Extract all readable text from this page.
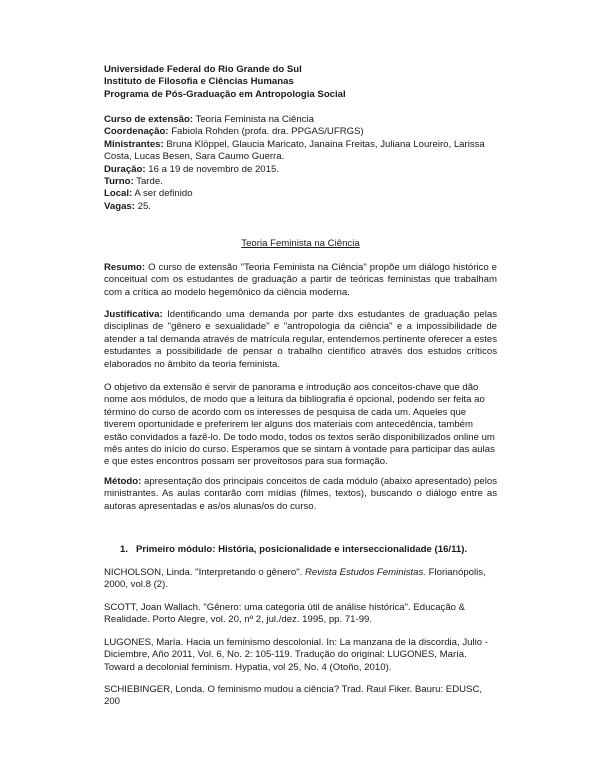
Universidade Federal do Rio Grande do Sul

Instituto de Filosofia e Ciências Humanas

Programa de Pós-Graduação em Antropologia Social

Curso de extensão: Teoria Feminista na Ciência

Coordenação: Fabiola Rohden (profa. dra. PPGAS/UFRGS)

Ministrantes: Bruna Klöppel, Glaucia Maricato, Janaina Freitas, Juliana Loureiro, Larissa Costa, Lucas Besen, Sara Caumo Guerra.

Duração: 16 a 19 de novembro de 2015.

Turno: Tarde.

Local: A ser definido

Vagas: 25.

Teoria Feminista na Ciência
Resumo: O curso de extensão "Teoria Feminista na Ciência" propõe um diálogo histórico e conceitual com os estudantes de graduação a partir de teóricas feministas que trabalham com a crítica ao modelo hegemônico da ciência moderna.
Justificativa: Identificando uma demanda por parte dxs estudantes de graduação pelas disciplinas de "gênero e sexualidade" e "antropologia da ciência" e a impossibilidade de atender a tal demanda através de matrícula regular, entendemos pertinente oferecer a estes estudantes a possibilidade de pensar o trabalho científico através dos estudos críticos elaborados no âmbito da teoria feminista.
O objetivo da extensão é servir de panorama e introdução aos conceitos-chave que dão nome aos módulos, de modo que a leitura da bibliografia é opcional, podendo ser feita ao término do curso de acordo com os interesses de pesquisa de cada um. Aqueles que tiverem oportunidade e preferirem ler alguns dos materiais com antecedência, também estão convidados a fazê-lo. De todo modo, todos os textos serão disponibilizados online um mês antes do início do curso. Esperamos que se sintam à vontade para participar das aulas e que estes encontros possam ser proveitosos para sua formação.
Método: apresentação dos principais conceitos de cada módulo (abaixo apresentado) pelos ministrantes. As aulas contarão com mídias (filmes, textos), buscando o diálogo entre as autoras apresentadas e as/os alunas/os do curso.
1. Primeiro módulo: História, posicionalidade e interseccionalidade (16/11).

NICHOLSON, Linda. "Interpretando o gênero". Revista Estudos Feministas. Florianópolis, 2000, vol.8 (2).

SCOTT, Joan Wallach. "Gênero: uma categoria útil de análise histórica". Educação & Realidade. Porto Alegre, vol. 20, nº 2, jul./dez. 1995, pp. 71-99.
LUGONES, María. Hacia un feminismo descolonial. In: La manzana de la discordia, Julio - Diciembre, Año 2011, Vol. 6, No. 2: 105-119. Tradução do original: LUGONES, María. Toward a decolonial feminism. Hypatia, vol 25, No. 4 (Otoño, 2010).
SCHIEBINGER, Londa. O feminismo mudou a ciência? Trad. Raul Fiker. Bauru: EDUSC, 200
